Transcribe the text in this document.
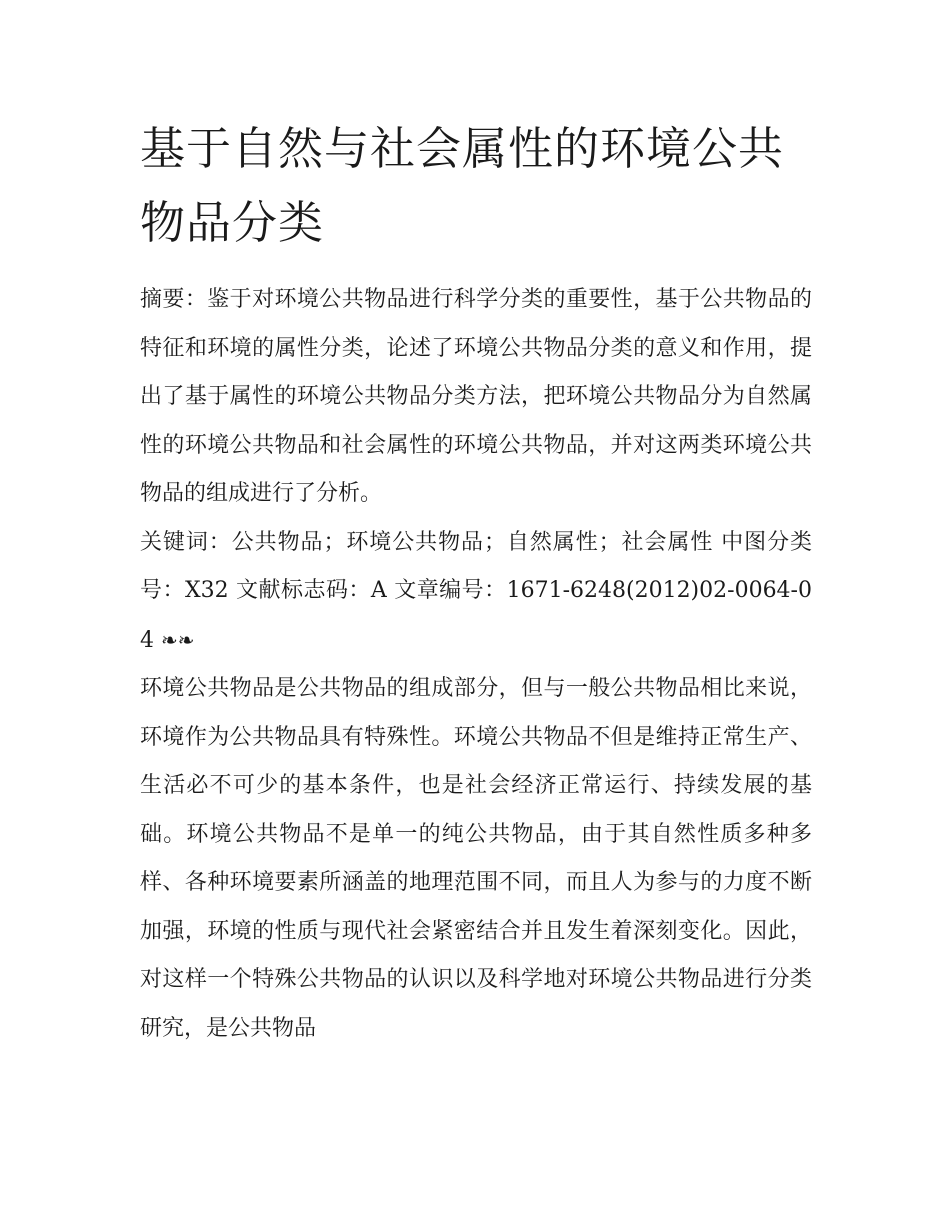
基于自然与社会属性的环境公共物品分类

摘要：鉴于对环境公共物品进行科学分类的重要性，基于公共物品的特征和环境的属性分类，论述了环境公共物品分类的意义和作用，提出了基于属性的环境公共物品分类方法，把环境公共物品分为自然属性的环境公共物品和社会属性的环境公共物品，并对这两类环境公共物品的组成进行了分析。

关键词：公共物品；环境公共物品；自然属性；社会属性 中图分类号：X32 文献标志码：A 文章编号：1671-6248(2012)02-0064-04 ❧❧

环境公共物品是公共物品的组成部分，但与一般公共物品相比来说，环境作为公共物品具有特殊性。环境公共物品不但是维持正常生产、生活必不可少的基本条件，也是社会经济正常运行、持续发展的基础。环境公共物品不是单一的纯公共物品，由于其自然性质多种多样、各种环境要素所涵盖的地理范围不同，而且人为参与的力度不断加强，环境的性质与现代社会紧密结合并且发生着深刻变化。因此，对这样一个特殊公共物品的认识以及科学地对环境公共物品进行分类研究，是公共物品
